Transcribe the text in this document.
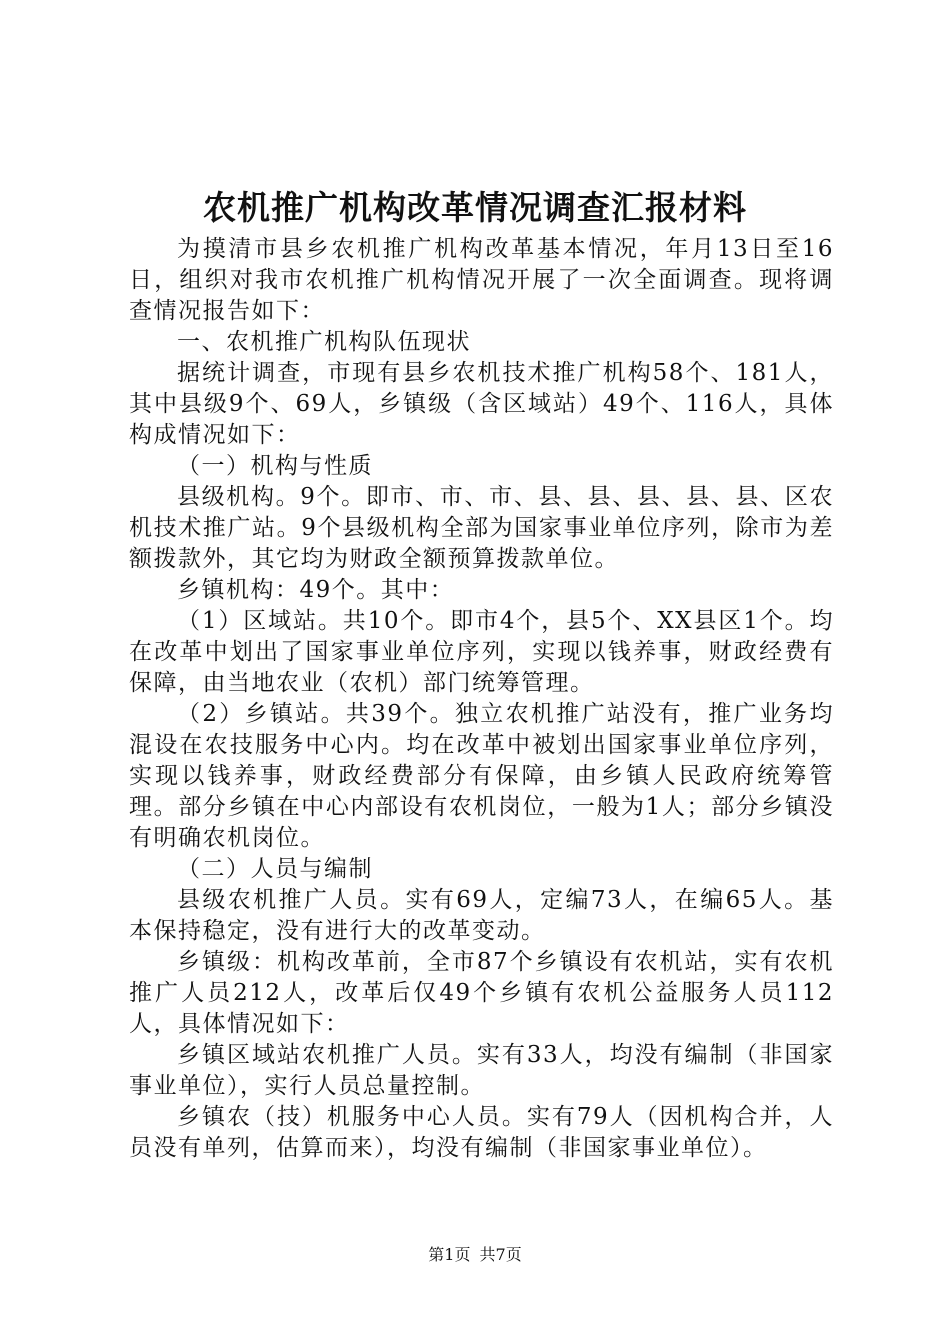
农机推广机构改革情况调查汇报材料

为摸清市县乡农机推广机构改革基本情况，年月13日至16日，组织对我市农机推广机构情况开展了一次全面调查。现将调查情况报告如下：

一、农机推广机构队伍现状

据统计调查，市现有县乡农机技术推广机构58个、181人，其中县级9个、69人，乡镇级（含区域站）49个、116人，具体构成情况如下：

（一）机构与性质

县级机构。9个。即市、市、市、县、县、县、县、县、区农机技术推广站。9个县级机构全部为国家事业单位序列，除市为差额拨款外，其它均为财政全额预算拨款单位。

乡镇机构：49个。其中：

（1）区域站。共10个。即市4个，县5个、XX县区1个。均在改革中划出了国家事业单位序列，实现以钱养事，财政经费有保障，由当地农业（农机）部门统筹管理。

（2）乡镇站。共39个。独立农机推广站没有，推广业务均混设在农技服务中心内。均在改革中被划出国家事业单位序列，实现以钱养事，财政经费部分有保障，由乡镇人民政府统筹管理。部分乡镇在中心内部设有农机岗位，一般为1人；部分乡镇没有明确农机岗位。

（二）人员与编制

县级农机推广人员。实有69人，定编73人，在编65人。基本保持稳定，没有进行大的改革变动。

乡镇级：机构改革前，全市87个乡镇设有农机站，实有农机推广人员212人，改革后仅49个乡镇有农机公益服务人员112人，具体情况如下：

乡镇区域站农机推广人员。实有33人，均没有编制（非国家事业单位），实行人员总量控制。

乡镇农（技）机服务中心人员。实有79人（因机构合并，人员没有单列，估算而来），均没有编制（非国家事业单位）。

第1页 共7页
